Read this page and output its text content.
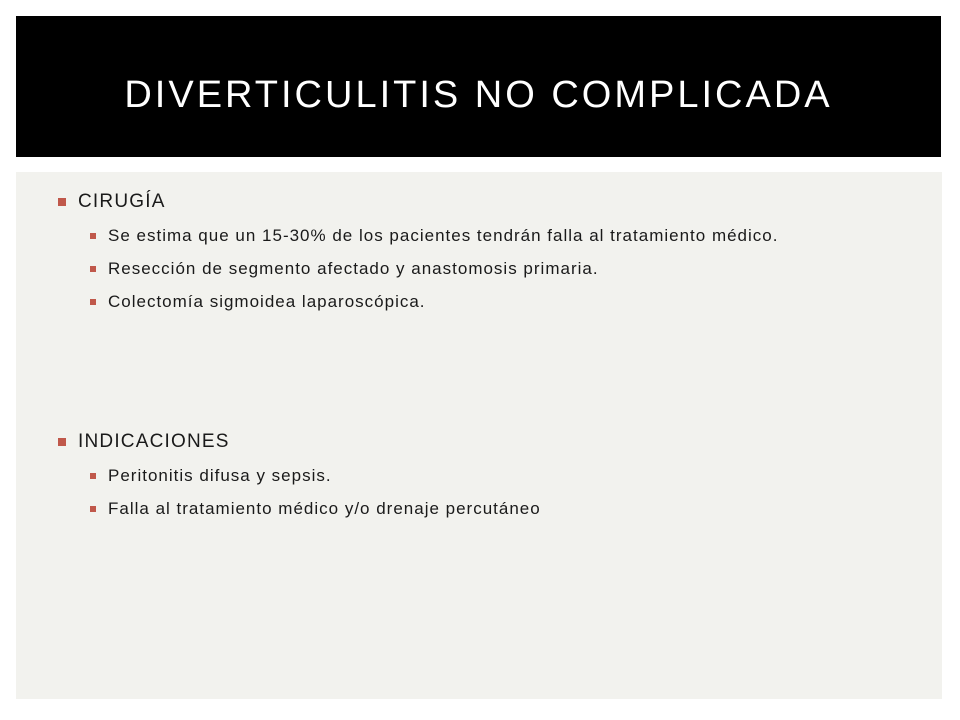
DIVERTICULITIS NO COMPLICADA
CIRUGÍA
Se estima que un 15-30% de los pacientes tendrán falla al tratamiento médico.
Resección de segmento afectado y anastomosis primaria.
Colectomía sigmoidea laparoscópica.
INDICACIONES
Peritonitis difusa y sepsis.
Falla al tratamiento médico y/o drenaje percutáneo
